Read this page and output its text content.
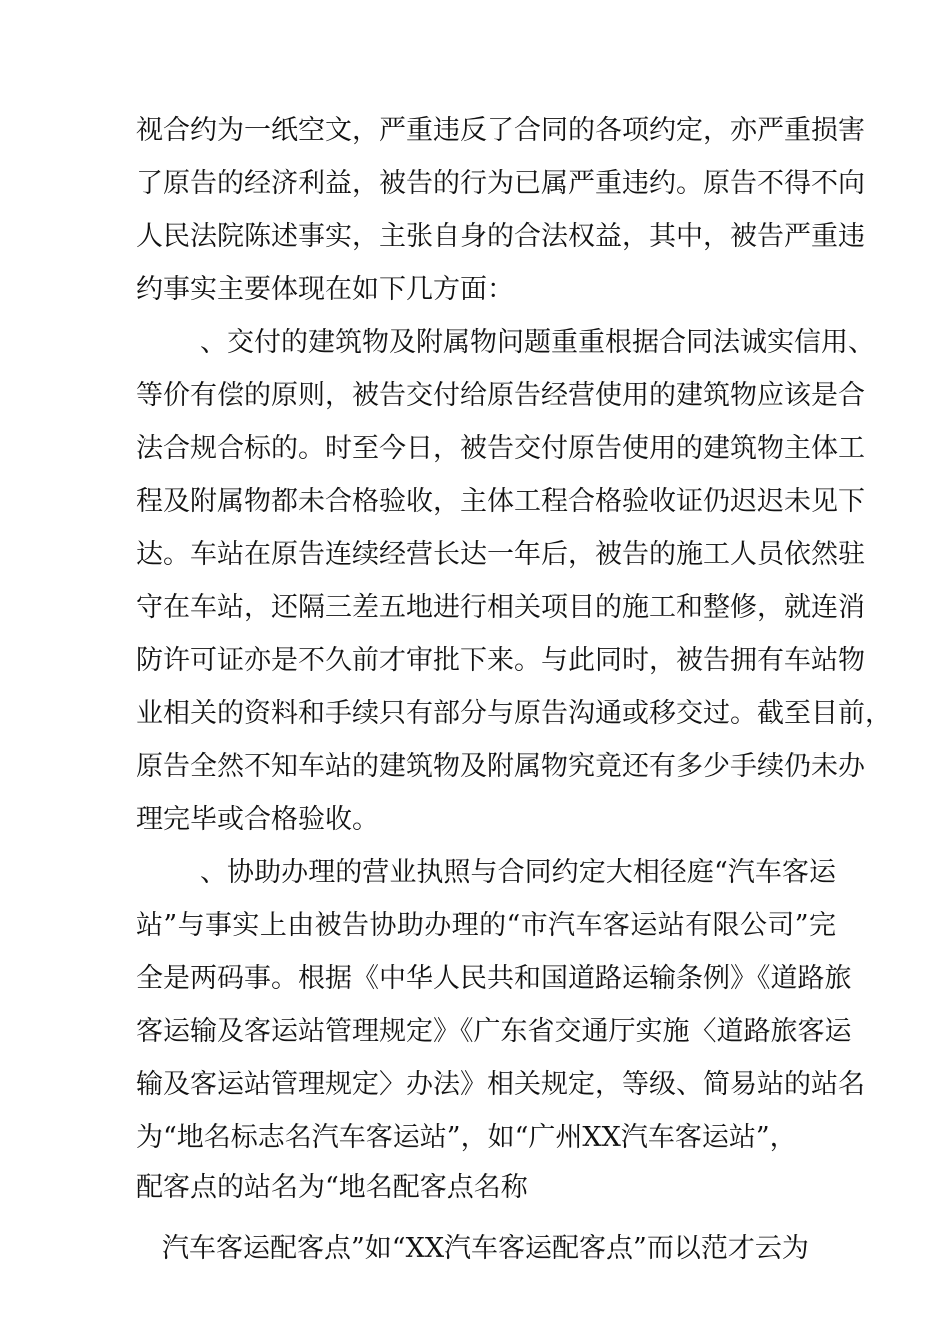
视合约为一纸空文，严重违反了合同的各项约定，亦严重损害
了原告的经济利益，被告的行为已属严重违约。原告不得不向
人民法院陈述事实，主张自身的合法权益，其中，被告严重违
约事实主要体现在如下几方面：
、交付的建筑物及附属物问题重重根据合同法诚实信用、
等价有偿的原则，被告交付给原告经营使用的建筑物应该是合
法合规合标的。时至今日，被告交付原告使用的建筑物主体工
程及附属物都未合格验收，主体工程合格验收证仍迟迟未见下
达。车站在原告连续经营长达一年后，被告的施工人员依然驻
守在车站，还隔三差五地进行相关项目的施工和整修，就连消
防许可证亦是不久前才审批下来。与此同时，被告拥有车站物
业相关的资料和手续只有部分与原告沟通或移交过。截至目前，
原告全然不知车站的建筑物及附属物究竟还有多少手续仍未办
理完毕或合格验收。
、协助办理的营业执照与合同约定大相径庭“汽车客运
站”与事实上由被告协助办理的“市汽车客运站有限公司”完
全是两码事。根据《中华人民共和国道路运输条例》《道路旅
客运输及客运站管理规定》《广东省交通厅实施〈道路旅客运
输及客运站管理规定〉办法》相关规定，等级、简易站的站名
为“地名标志名汽车客运站”，如“广州XX汽车客运站”，
配客点的站名为“地名配客点名称
汽车客运配客点”如“XX汽车客运配客点”而以范才云为
